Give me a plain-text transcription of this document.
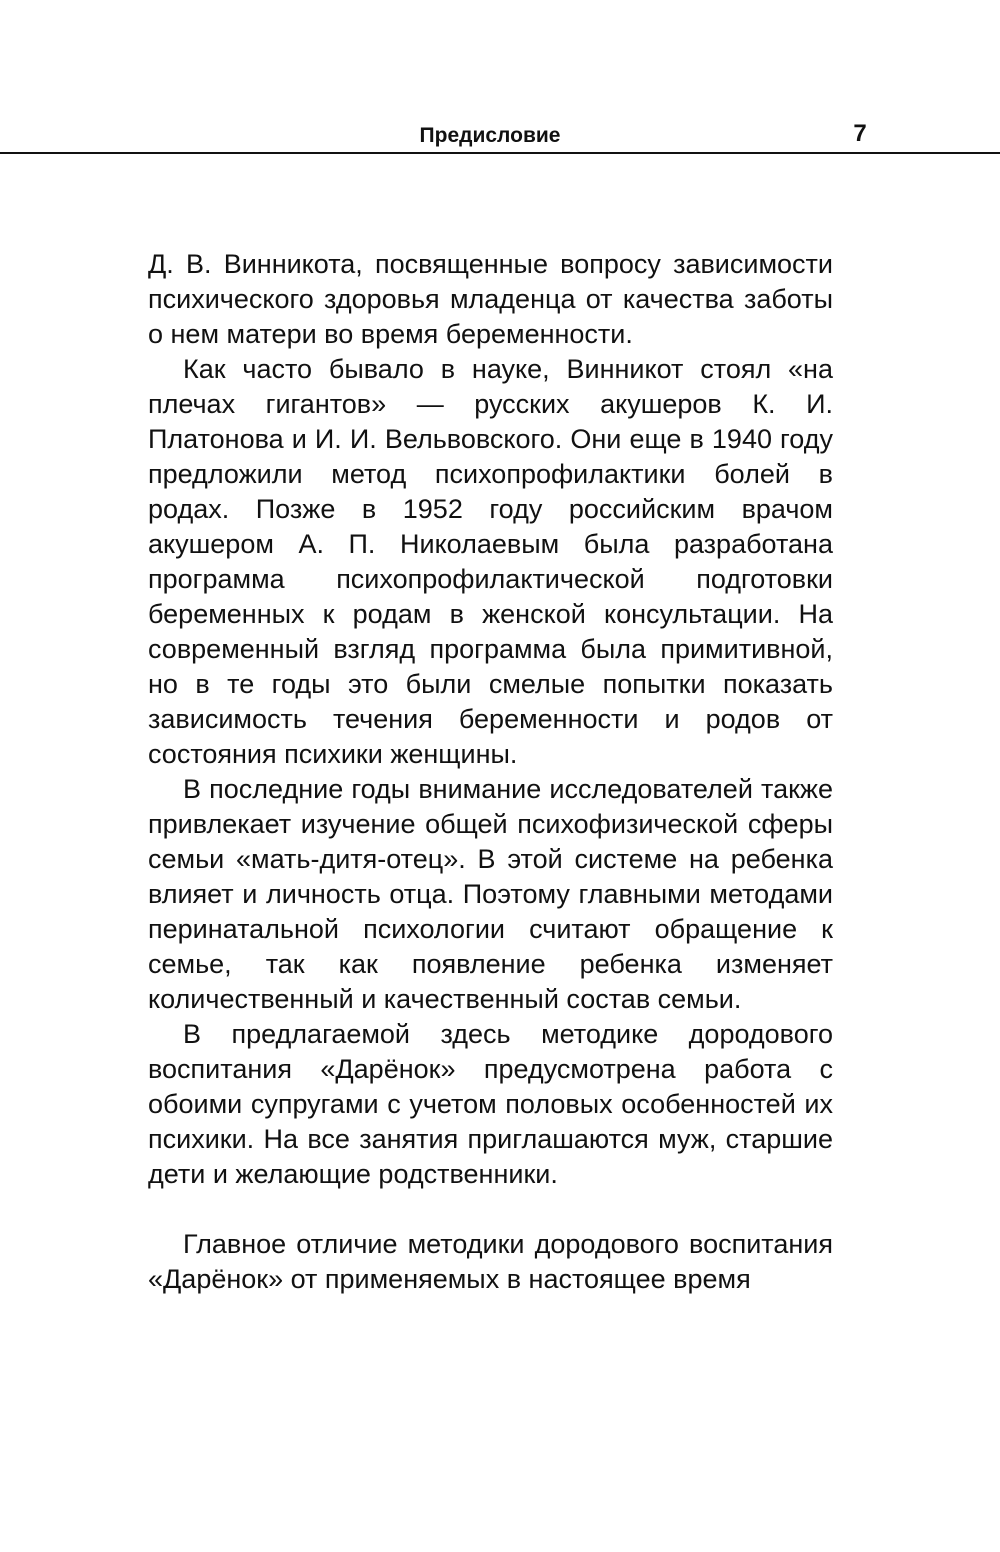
Предисловие	7

Д. В. Винникота, посвященные вопросу зависимости психического здоровья младенца от качества заботы о нем матери во время беременности.

Как часто бывало в науке, Винникот стоял «на плечах гигантов» — русских акушеров К. И. Платонова и И. И. Вельвовского. Они еще в 1940 году предложили метод психопрофилактики болей в родах. Позже в 1952 году российским врачом акушером А. П. Николаевым была разработана программа психопрофилактической подготовки беременных к родам в женской консультации. На современный взгляд программа была примитивной, но в те годы это были смелые попытки показать зависимость течения беременности и родов от состояния психики женщины.

В последние годы внимание исследователей также привлекает изучение общей психофизической сферы семьи «мать-дитя-отец». В этой системе на ребенка влияет и личность отца. Поэтому главными методами перинатальной психологии считают обращение к семье, так как появление ребенка изменяет количественный и качественный состав семьи.

В предлагаемой здесь методике дородового воспитания «Дарёнок» предусмотрена работа с обоими супругами с учетом половых особенностей их психики. На все занятия приглашаются муж, старшие дети и желающие родственники.

Главное отличие методики дородового воспитания «Дарёнок» от применяемых в настоящее время
